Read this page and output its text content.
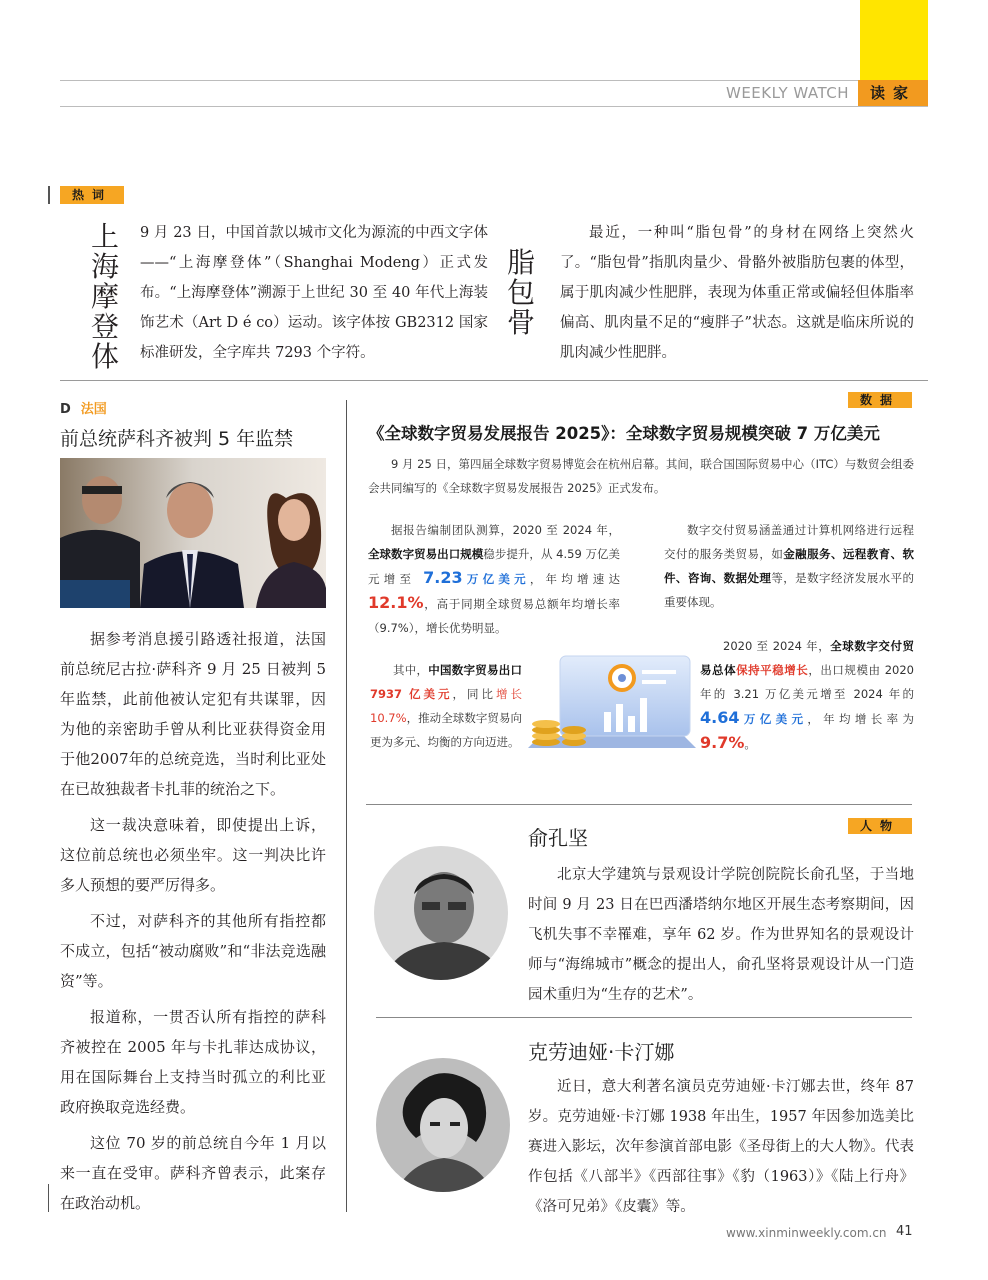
WEEKLY WATCH	读家
热词
上
海
摩
登
体
9 月 23 日，中国首款以城市文化为源流的中西文字体——“上海摩登体”（Shanghai Modeng）正式发布。“上海摩登体”溯源于上世纪 30 至 40 年代上海装饰艺术（Art D é co）运动。该字体按 GB2312 国家标准研发，全字库共 7293 个字符。
脂
包
骨
最近，一种叫“脂包骨”的身材在网络上突然火了。“脂包骨”指肌肉量少、骨骼外被脂肪包裹的体型，属于肌肉减少性肥胖，表现为体重正常或偏轻但体脂率偏高、肌肉量不足的“瘦胖子”状态。这就是临床所说的肌肉减少性肥胖。
D 法国
前总统萨科齐被判 5 年监禁

据参考消息援引路透社报道，法国前总统尼古拉·萨科齐 9 月 25 日被判 5 年监禁，此前他被认定犯有共谋罪，因为他的亲密助手曾从利比亚获得资金用于他2007年的总统竞选，当时利比亚处在已故独裁者卡扎菲的统治之下。

这一裁决意味着，即使提出上诉，这位前总统也必须坐牢。这一判决比许多人预想的要严厉得多。

不过，对萨科齐的其他所有指控都不成立，包括“被动腐败”和“非法竞选融资”等。

报道称，一贯否认所有指控的萨科齐被控在 2005 年与卡扎菲达成协议，用在国际舞台上支持当时孤立的利比亚政府换取竞选经费。

这位 70 岁的前总统自今年 1 月以来一直在受审。萨科齐曾表示，此案存在政治动机。

数据
《全球数字贸易发展报告 2025》：全球数字贸易规模突破 7 万亿美元
9 月 25 日，第四届全球数字贸易博览会在杭州启幕。其间，联合国国际贸易中心（ITC）与数贸会组委会共同编写的《全球数字贸易发展报告 2025》正式发布。
据报告编制团队测算，2020 至 2024 年，全球数字贸易出口规模稳步提升，从 4.59 万亿美元增至 7.23万亿美元，年均增速达 12.1%，高于同期全球贸易总额年均增长率（9.7%），增长优势明显。
数字交付贸易涵盖通过计算机网络进行远程交付的服务类贸易，如金融服务、远程教育、软件、咨询、数据处理等，是数字经济发展水平的重要体现。
其中，中国数字贸易出口 7937 亿美元，同比增长 10.7%，推动全球数字贸易向更为多元、均衡的方向迈进。
2020 至 2024 年，全球数字交付贸易总体保持平稳增长，出口规模由 2020 年的 3.21 万亿美元增至 2024 年的 4.64万亿美元，年均增长率为 9.7%。
人物
俞孔坚
北京大学建筑与景观设计学院创院院长俞孔坚，于当地时间 9 月 23 日在巴西潘塔纳尔地区开展生态考察期间，因飞机失事不幸罹难，享年 62 岁。作为世界知名的景观设计师与“海绵城市”概念的提出人，俞孔坚将景观设计从一门造园术重归为“生存的艺术”。
克劳迪娅·卡汀娜
近日，意大利著名演员克劳迪娅·卡汀娜去世，终年 87 岁。克劳迪娅·卡汀娜 1938 年出生，1957 年因参加选美比赛进入影坛，次年参演首部电影《圣母街上的大人物》。代表作包括《八部半》《西部往事》《豹（1963）》《陆上行舟》《洛可兄弟》《皮囊》等。
www.xinminweekly.com.cn 41
